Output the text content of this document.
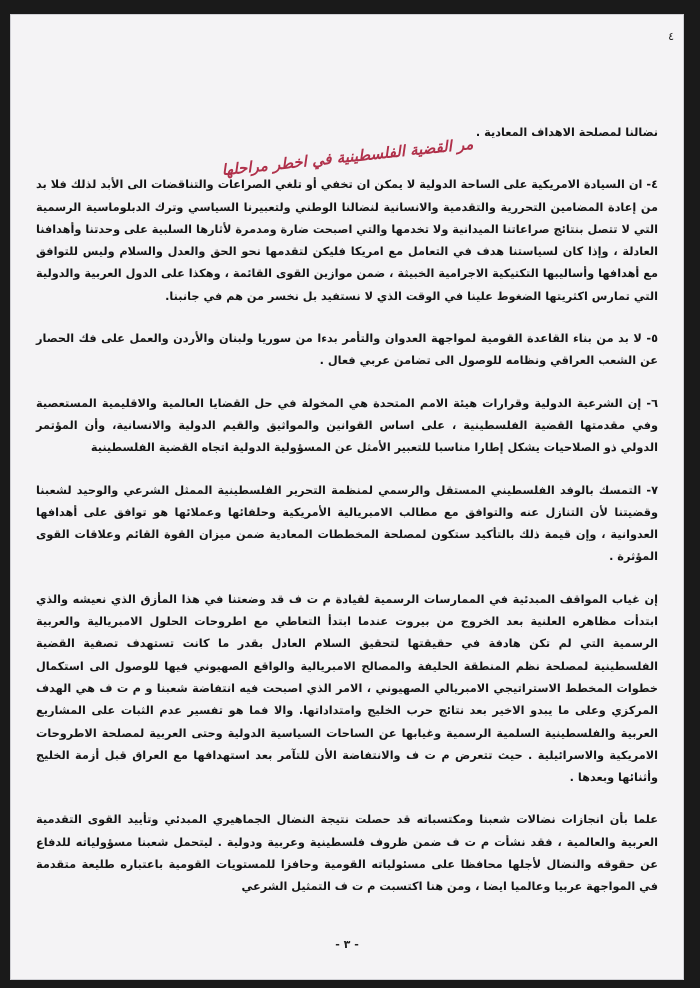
٤

نضالنا لمصلحة الاهداف المعادية .

مر القضية الفلسطينية في اخطر مراحلها

٤- ان السيادة الامريكية على الساحة الدولية لا يمكن ان تخفي أو تلغي الصراعات والتناقضات الى الأبد لذلك فلا بد من إعادة المضامين التحررية والتقدمية والانسانية لنضالنا الوطني ولتعبيرنا السياسي وترك الدبلوماسية الرسمية التي لا تتصل بنتائج صراعاتنا الميدانية ولا تخدمها والتي اصبحت ضارة ومدمرة لأثارها السلبية على وحدتنا وأهدافنا العادلة ، وإذا كان لسياستنا هدف في التعامل مع امريكا فليكن لتقدمها نحو الحق والعدل والسلام وليس للتوافق مع أهدافها وأساليبها التكتيكية الاجرامية الخبيثة ، ضمن موازين القوى القائمة ، وهكذا على الدول العربية والدولية التي تمارس اكثريتها الضغوط علينا في الوقت الذي لا نستفيد بل نخسر من هم في جانبنا.

٥- لا بد من بناء القاعدة القومية لمواجهة العدوان والتأمر بدءا من سوريا ولبنان والأردن والعمل على فك الحصار عن الشعب العراقي ونظامه للوصول الى تضامن عربي فعال .

٦- إن الشرعية الدولية وقرارات هيئة الامم المتحدة هي المخولة في حل القضايا العالمية والاقليمية المستعصية وفي مقدمتها القضية الفلسطينية ، على اساس القوانين والمواثيق والقيم الدولية والانسانية، وأن المؤتمر الدولي ذو الصلاحيات يشكل إطارا مناسبا للتعبير الأمثل عن المسؤولية الدولية اتجاه القضية الفلسطينية

٧- التمسك بالوفد الفلسطيني المستقل والرسمي لمنظمة التحرير الفلسطينية الممثل الشرعي والوحيد لشعبنا وقضيتنا لأن التنازل عنه والتوافق مع مطالب الامبريالية الأمريكية وحلفائها وعملائها هو توافق على أهدافها العدوانية ، وإن قيمة ذلك بالتأكيد ستكون لمصلحة المخططات المعادية ضمن ميزان القوة القائم وعلاقات القوى المؤثرة .

إن غياب المواقف المبدئية في الممارسات الرسمية لقيادة م ت ف قد وضعتنا في هذا المأزق الذي نعيشه والذي ابتدأت مظاهره العلنية بعد الخروج من بيروت عندما ابتدأ التعاطي مع اطروحات الحلول الامبريالية والعربية الرسمية التي لم تكن هادفة في حقيقتها لتحقيق السلام العادل بقدر ما كانت تستهدف تصفية القضية الفلسطينية لمصلحة نظم المنطقة الحليفة والمصالح الامبريالية والواقع الصهيوني فيها للوصول الى استكمال خطوات المخطط الاستراتيجي الامبريالي الصهيوني ، الامر الذي اصبحت فيه انتفاضة شعبنا و م ت ف هي الهدف المركزي وعلى ما يبدو الاخير بعد نتائج حرب الخليج وامتداداتها. والا فما هو تفسير عدم الثبات على المشاريع العربية والفلسطينية السلمية الرسمية وغيابها عن الساحات السياسية الدولية وحتى العربية لمصلحة الاطروحات الامريكية والاسرائيلية . حيث تتعرض م ت ف والانتفاضة الأن للتآمر بعد استهدافها مع العراق قبل أزمة الخليج وأثنائها وبعدها .

علما بأن انجازات نضالات شعبنا ومكتسباته قد حصلت نتيجة النضال الجماهيري المبدئي وتأييد القوى التقدمية العربية والعالمية ، فقد نشأت م ت ف ضمن ظروف فلسطينية وعربية ودولية . ليتحمل شعبنا مسؤولياته للدفاع عن حقوقه والنضال لأجلها محافظا على مسئولياته القومية وحافزا للمستويات القومية باعتباره طليعة متقدمة في المواجهة عربيا وعالميا ايضا ، ومن هنا اكتسبت م ت ف التمثيل الشرعي

- ٣ -
